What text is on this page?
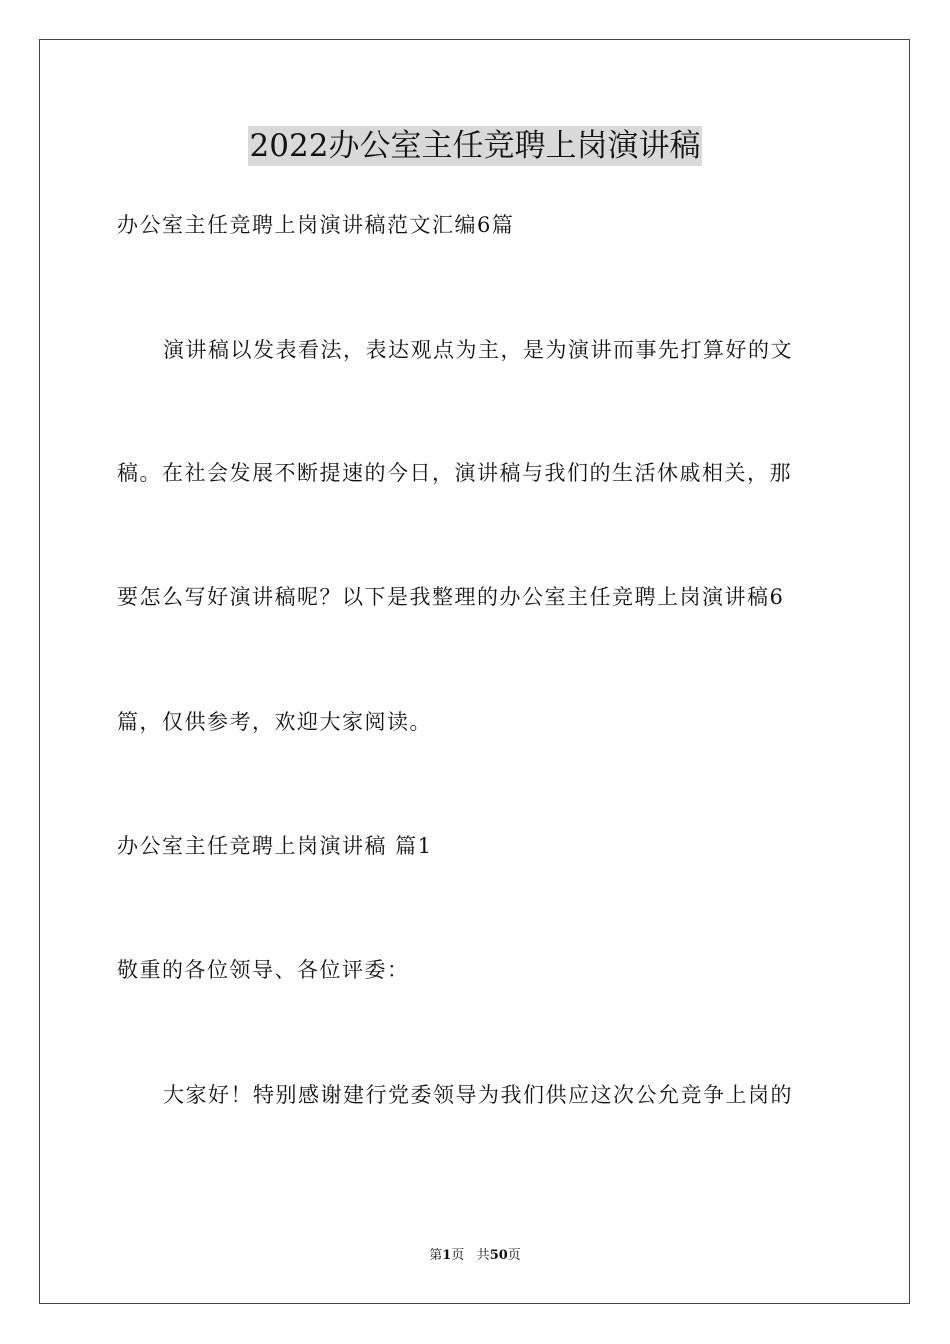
2022办公室主任竞聘上岗演讲稿
办公室主任竞聘上岗演讲稿范文汇编6篇
演讲稿以发表看法，表达观点为主，是为演讲而事先打算好的文
稿。在社会发展不断提速的今日，演讲稿与我们的生活休戚相关，那
要怎么写好演讲稿呢？以下是我整理的办公室主任竞聘上岗演讲稿6
篇，仅供参考，欢迎大家阅读。
办公室主任竞聘上岗演讲稿 篇1
敬重的各位领导、各位评委：
大家好！特别感谢建行党委领导为我们供应这次公允竞争上岗的
第1页 共50页
